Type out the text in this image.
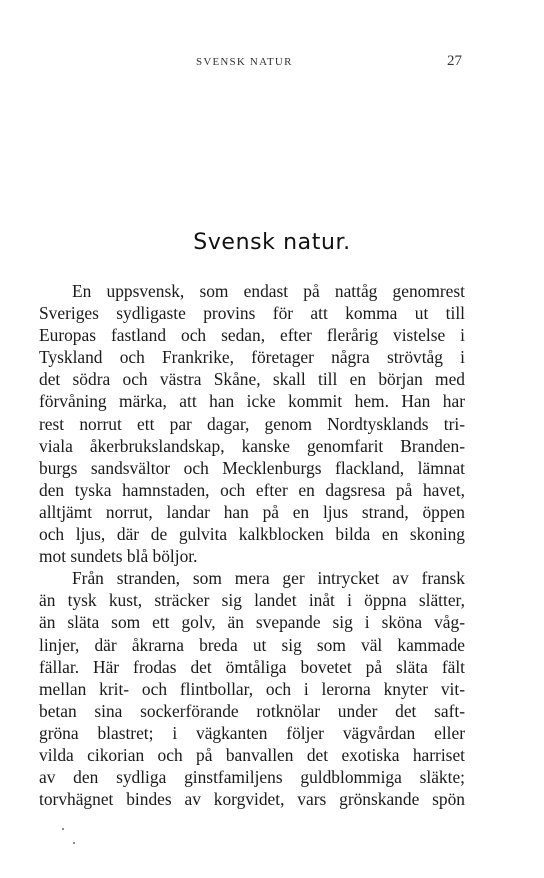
SVENSK NATUR	27
Svensk natur.
En uppsvensk, som endast på nattåg genomrest
Sveriges sydligaste provins för att komma ut till
Europas fastland och sedan, efter flerårig vistelse i
Tyskland och Frankrike, företager några strövtåg i
det södra och västra Skåne, skall till en början med
förvåning märka, att han icke kommit hem. Han har
rest norrut ett par dagar, genom Nordtysklands tri-
viala åkerbrukslandskap, kanske genomfarit Branden-
burgs sandsvältor och Mecklenburgs flackland, lämnat
den tyska hamnstaden, och efter en dagsresa på havet,
alltjämt norrut, landar han på en ljus strand, öppen
och ljus, där de gulvita kalkblocken bilda en skoning
mot sundets blå böljor.
Från stranden, som mera ger intrycket av fransk
än tysk kust, sträcker sig landet inåt i öppna slätter,
än släta som ett golv, än svepande sig i sköna våg-
linjer, där åkrarna breda ut sig som väl kammade
fällar. Här frodas det ömtåliga bovetet på släta fält
mellan krit- och flintbollar, och i lerorna knyter vit-
betan sina sockerförande rotknölar under det saft-
gröna blastret; i vägkanten följer vägvårdan eller
vilda cikorian och på banvallen det exotiska harriset
av den sydliga ginstfamiljens guldblommiga släkte;
torvhägnet bindes av korgvidet, vars grönskande spön
